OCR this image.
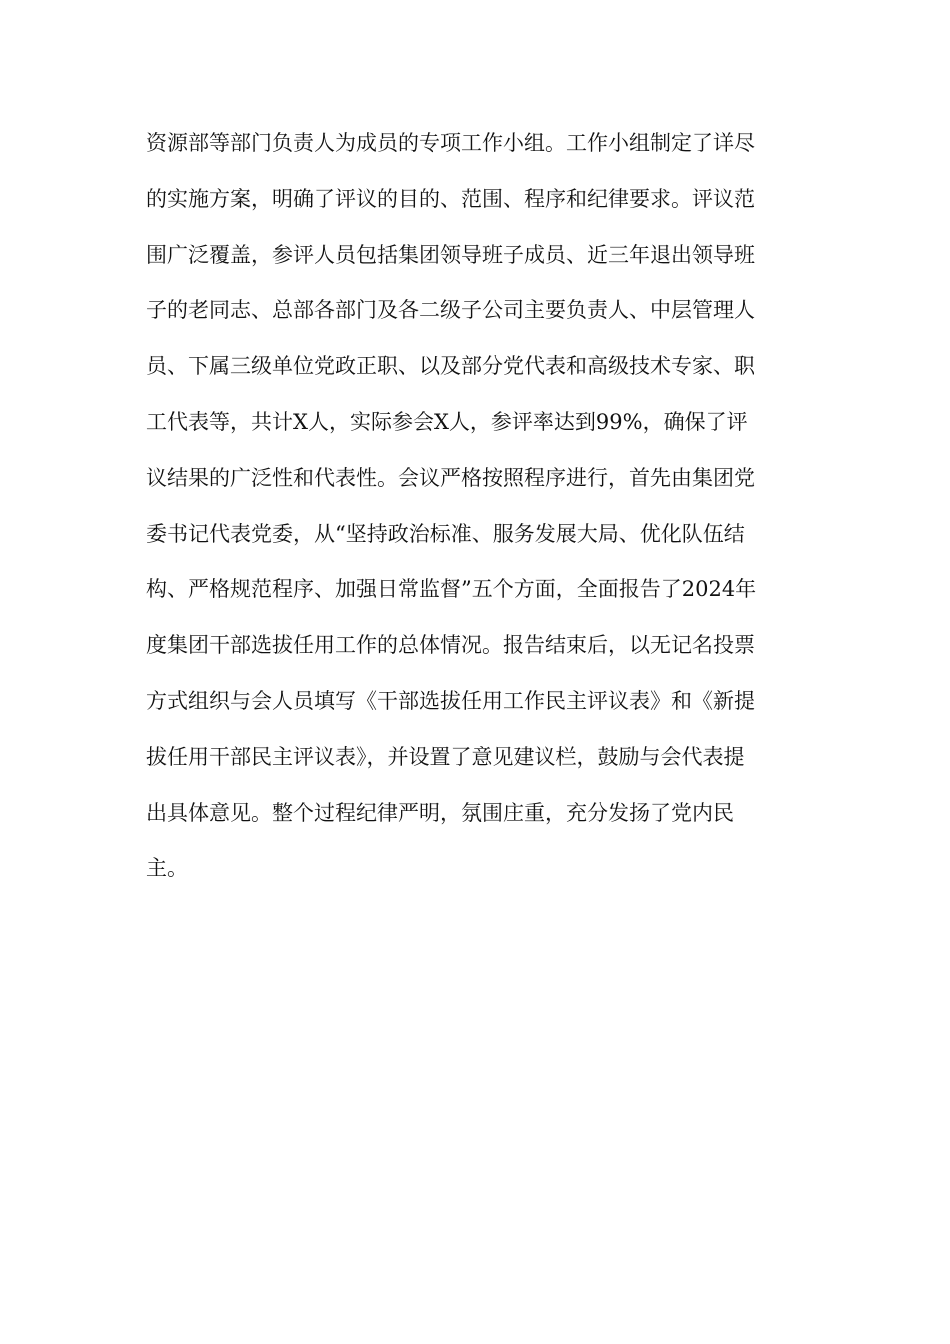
资源部等部门负责人为成员的专项工作小组。工作小组制定了详尽
的实施方案，明确了评议的目的、范围、程序和纪律要求。评议范
围广泛覆盖，参评人员包括集团领导班子成员、近三年退出领导班
子的老同志、总部各部门及各二级子公司主要负责人、中层管理人
员、下属三级单位党政正职、以及部分党代表和高级技术专家、职
工代表等，共计X人，实际参会X人，参评率达到99%，确保了评
议结果的广泛性和代表性。会议严格按照程序进行，首先由集团党
委书记代表党委，从“坚持政治标准、服务发展大局、优化队伍结
构、严格规范程序、加强日常监督”五个方面，全面报告了2024年
度集团干部选拔任用工作的总体情况。报告结束后，以无记名投票
方式组织与会人员填写《干部选拔任用工作民主评议表》和《新提
拔任用干部民主评议表》，并设置了意见建议栏，鼓励与会代表提
出具体意见。整个过程纪律严明，氛围庄重，充分发扬了党内民
主。
